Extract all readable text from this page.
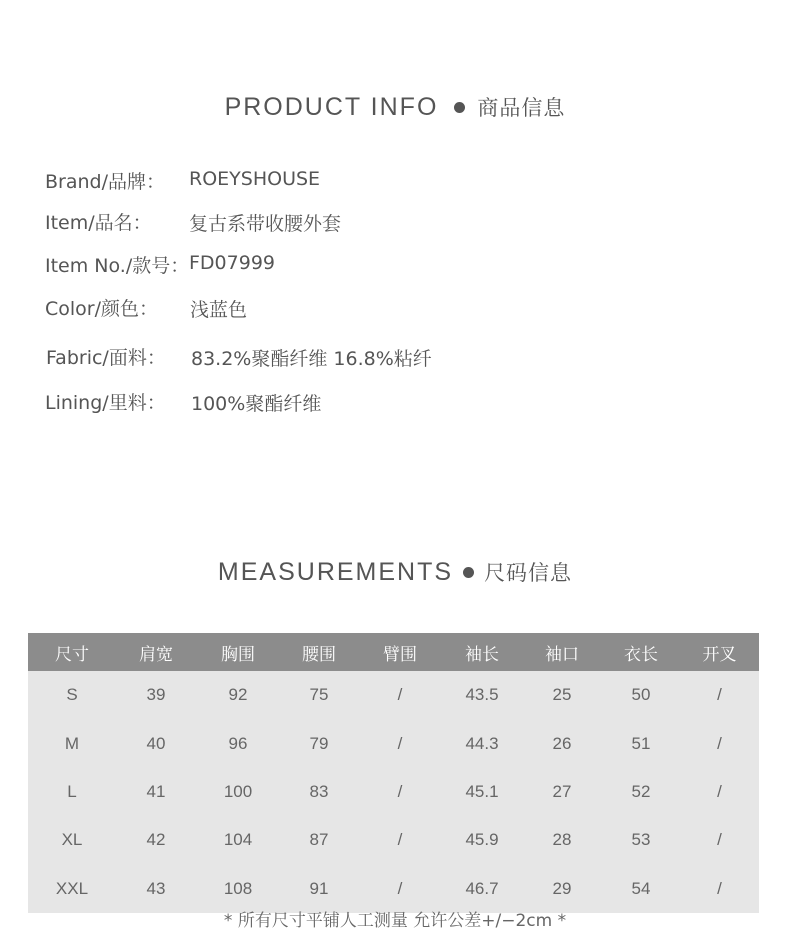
PRODUCT INFO 商品信息
Brand/品牌： ROEYSHOUSE
Item/品名： 复古系带收腰外套
Item No./款号： FD07999
Color/颜色： 浅蓝色
Fabric/面料： 83.2%聚酯纤维 16.8%粘纤
Lining/里料： 100%聚酯纤维
MEASUREMENTS 尺码信息
尺寸	肩宽	胸围	腰围	臂围	袖长	袖口	衣长	开叉
S	39	92	75	/	43.5	25	50	/
M	40	96	79	/	44.3	26	51	/
L	41	100	83	/	45.1	27	52	/
XL	42	104	87	/	45.9	28	53	/
XXL	43	108	91	/	46.7	29	54	/
* 所有尺寸平铺人工测量 允许公差+/−2cm *
